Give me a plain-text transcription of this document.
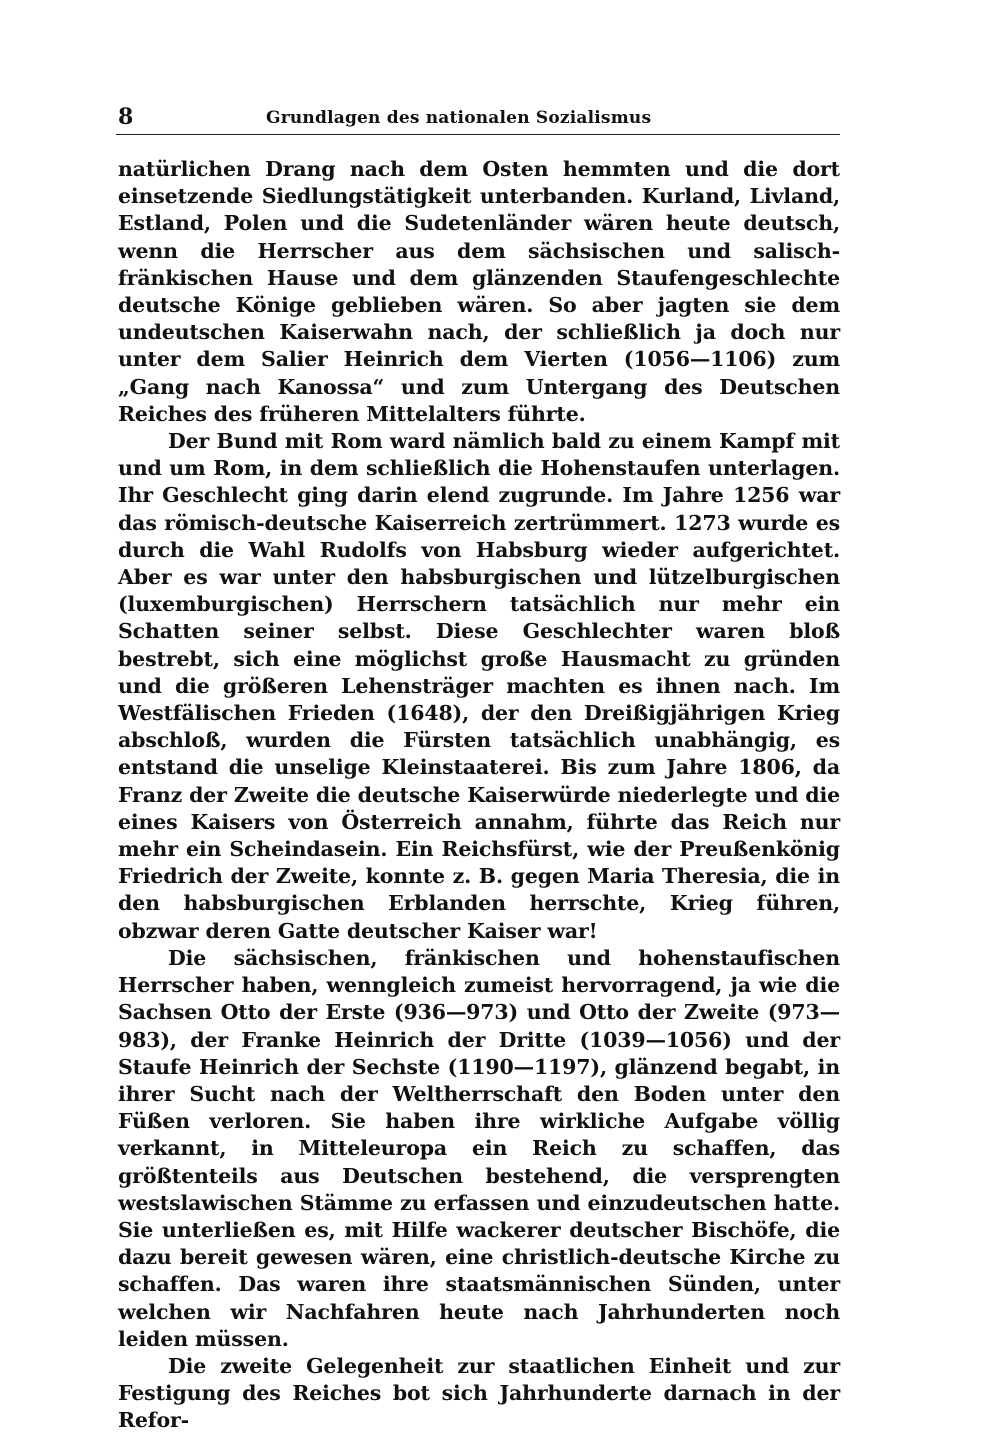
8	Grundlagen des nationalen Sozialismus

natürlichen Drang nach dem Osten hemmten und die dort einsetzende Siedlungstätigkeit unterbanden. Kurland, Livland, Estland, Polen und die Sudetenländer wären heute deutsch, wenn die Herrscher aus dem sächsischen und salisch-fränkischen Hause und dem glänzenden Staufengeschlechte deutsche Könige geblieben wären. So aber jagten sie dem undeutschen Kaiserwahn nach, der schließlich ja doch nur unter dem Salier Heinrich dem Vierten (1056—1106) zum „Gang nach Kanossa“ und zum Untergang des Deutschen Reiches des früheren Mittelalters führte.

Der Bund mit Rom ward nämlich bald zu einem Kampf mit und um Rom, in dem schließlich die Hohenstaufen unterlagen. Ihr Geschlecht ging darin elend zugrunde. Im Jahre 1256 war das römisch-deutsche Kaiserreich zertrümmert. 1273 wurde es durch die Wahl Rudolfs von Habsburg wieder aufgerichtet. Aber es war unter den habsburgischen und lützelburgischen (luxemburgischen) Herrschern tatsächlich nur mehr ein Schatten seiner selbst. Diese Geschlechter waren bloß bestrebt, sich eine möglichst große Hausmacht zu gründen und die größeren Lehensträger machten es ihnen nach. Im Westfälischen Frieden (1648), der den Dreißigjährigen Krieg abschloß, wurden die Fürsten tatsächlich unabhängig, es entstand die unselige Kleinstaaterei. Bis zum Jahre 1806, da Franz der Zweite die deutsche Kaiserwürde niederlegte und die eines Kaisers von Österreich annahm, führte das Reich nur mehr ein Scheindasein. Ein Reichsfürst, wie der Preußenkönig Friedrich der Zweite, konnte z. B. gegen Maria Theresia, die in den habsburgischen Erblanden herrschte, Krieg führen, obzwar deren Gatte deutscher Kaiser war!

Die sächsischen, fränkischen und hohenstaufischen Herrscher haben, wenngleich zumeist hervorragend, ja wie die Sachsen Otto der Erste (936—973) und Otto der Zweite (973—983), der Franke Heinrich der Dritte (1039—1056) und der Staufe Heinrich der Sechste (1190—1197), glänzend begabt, in ihrer Sucht nach der Weltherrschaft den Boden unter den Füßen verloren. Sie haben ihre wirkliche Aufgabe völlig verkannt, in Mitteleuropa ein Reich zu schaffen, das größtenteils aus Deutschen bestehend, die versprengten westslawischen Stämme zu erfassen und einzudeutschen hatte. Sie unterließen es, mit Hilfe wackerer deutscher Bischöfe, die dazu bereit gewesen wären, eine christlich-deutsche Kirche zu schaffen. Das waren ihre staatsmännischen Sünden, unter welchen wir Nachfahren heute nach Jahrhunderten noch leiden müssen.

Die zweite Gelegenheit zur staatlichen Einheit und zur Festigung des Reiches bot sich Jahrhunderte darnach in der Refor-
